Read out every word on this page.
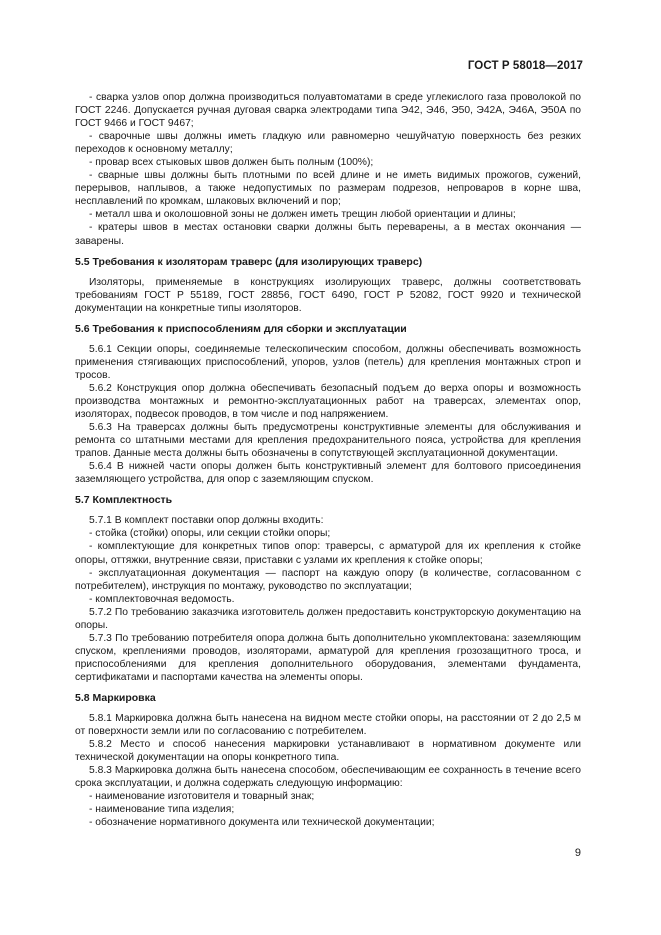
ГОСТ Р 58018—2017

- сварка узлов опор должна производиться полуавтоматами в среде углекислого газа проволокой по ГОСТ 2246. Допускается ручная дуговая сварка электродами типа Э42, Э46, Э50, Э42А, Э46А, Э50А по ГОСТ 9466 и ГОСТ 9467;

- сварочные швы должны иметь гладкую или равномерно чешуйчатую поверхность без резких переходов к основному металлу;

- провар всех стыковых швов должен быть полным (100%);

- сварные швы должны быть плотными по всей длине и не иметь видимых прожогов, сужений, перерывов, наплывов, а также недопустимых по размерам подрезов, непроваров в корне шва, несплавлений по кромкам, шлаковых включений и пор;

- металл шва и околошовной зоны не должен иметь трещин любой ориентации и длины;

- кратеры швов в местах остановки сварки должны быть переварены, а в местах окончания — заварены.

5.5 Требования к изоляторам траверс (для изолирующих траверс)

Изоляторы, применяемые в конструкциях изолирующих траверс, должны соответствовать требованиям ГОСТ Р 55189, ГОСТ 28856, ГОСТ 6490, ГОСТ Р 52082, ГОСТ 9920 и технической документации на конкретные типы изоляторов.

5.6 Требования к приспособлениям для сборки и эксплуатации

5.6.1 Секции опоры, соединяемые телескопическим способом, должны обеспечивать возможность применения стягивающих приспособлений, упоров, узлов (петель) для крепления монтажных строп и тросов.

5.6.2 Конструкция опор должна обеспечивать безопасный подъем до верха опоры и возможность производства монтажных и ремонтно-эксплуатационных работ на траверсах, элементах опор, изоляторах, подвесок проводов, в том числе и под напряжением.

5.6.3 На траверсах должны быть предусмотрены конструктивные элементы для обслуживания и ремонта со штатными местами для крепления предохранительного пояса, устройства для крепления трапов. Данные места должны быть обозначены в сопутствующей эксплуатационной документации.

5.6.4 В нижней части опоры должен быть конструктивный элемент для болтового присоединения заземляющего устройства, для опор с заземляющим спуском.

5.7 Комплектность

5.7.1 В комплект поставки опор должны входить:

- стойка (стойки) опоры, или секции стойки опоры;

- комплектующие для конкретных типов опор: траверсы, с арматурой для их крепления к стойке опоры, оттяжки, внутренние связи, приставки с узлами их крепления к стойке опоры;

- эксплуатационная документация — паспорт на каждую опору (в количестве, согласованном с потребителем), инструкция по монтажу, руководство по эксплуатации;

- комплектовочная ведомость.

5.7.2 По требованию заказчика изготовитель должен предоставить конструкторскую документацию на опоры.

5.7.3 По требованию потребителя опора должна быть дополнительно укомплектована: заземляющим спуском, креплениями проводов, изоляторами, арматурой для крепления грозозащитного троса, и приспособлениями для крепления дополнительного оборудования, элементами фундамента, сертификатами и паспортами качества на элементы опоры.

5.8 Маркировка

5.8.1 Маркировка должна быть нанесена на видном месте стойки опоры, на расстоянии от 2 до 2,5 м от поверхности земли или по согласованию с потребителем.

5.8.2 Место и способ нанесения маркировки устанавливают в нормативном документе или технической документации на опоры конкретного типа.

5.8.3 Маркировка должна быть нанесена способом, обеспечивающим ее сохранность в течение всего срока эксплуатации, и должна содержать следующую информацию:

- наименование изготовителя и товарный знак;

- наименование типа изделия;

- обозначение нормативного документа или технической документации;

9
